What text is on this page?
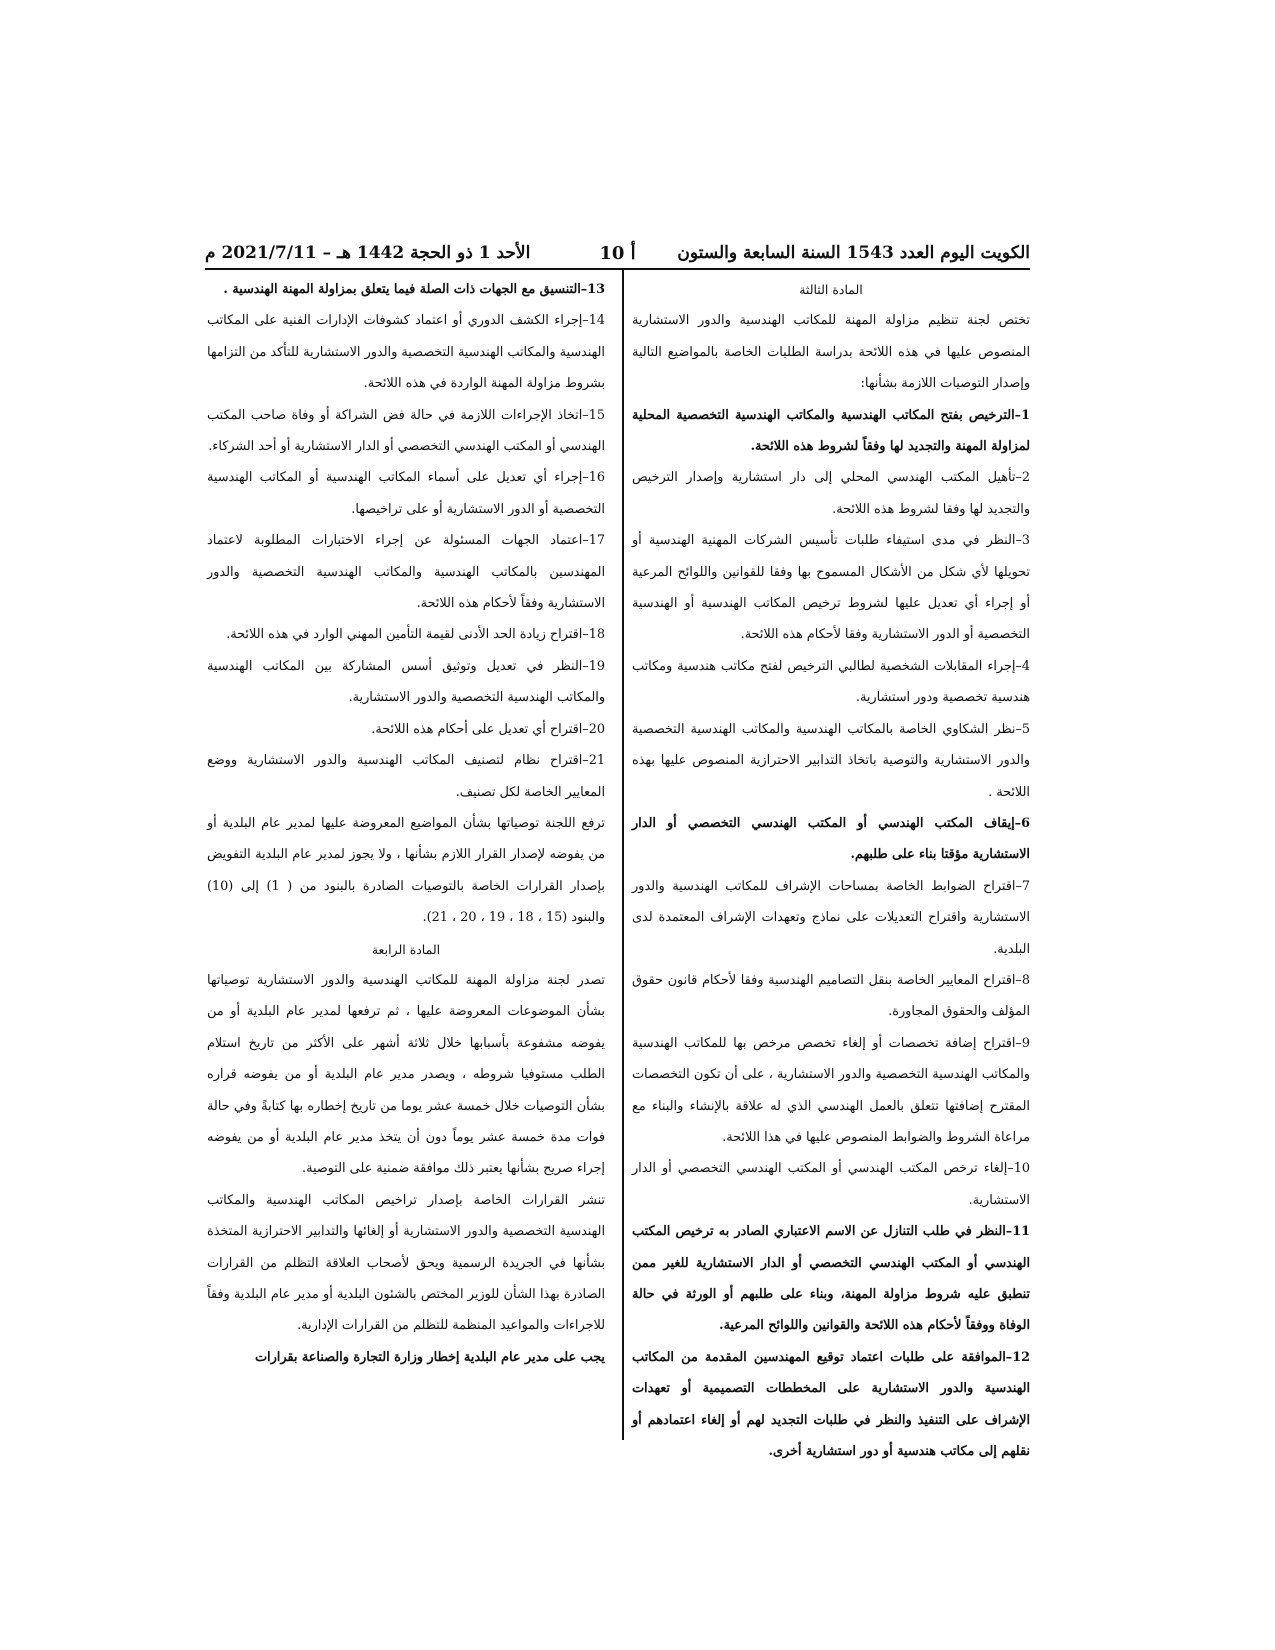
الكويت اليوم العدد 1543 السنة السابعة والستون
أ 10
الأحد 1 ذو الحجة 1442 هـ – 2021/7/11 م

المادة الثالثة

تختص لجنة تنظيم مزاولة المهنة للمكاتب الهندسية والدور الاستشارية المنصوص عليها في هذه اللائحة بدراسة الطلبات الخاصة بالمواضيع التالية وإصدار التوصيات اللازمة بشأنها:

1–الترخيص بفتح المكاتب الهندسية والمكاتب الهندسية التخصصية المحلية لمزاولة المهنة والتجديد لها وفقاً لشروط هذه اللائحة.

2–تأهيل المكتب الهندسي المحلي إلى دار استشارية وإصدار الترخيص والتجديد لها وفقا لشروط هذه اللائحة.

3–النظر في مدى استيفاء طلبات تأسيس الشركات المهنية الهندسية أو تحويلها لأي شكل من الأشكال المسموح بها وفقا للقوانين واللوائح المرعية أو إجراء أي تعديل عليها لشروط ترخيص المكاتب الهندسية أو الهندسية التخصصية أو الدور الاستشارية وفقا لأحكام هذه اللائحة.

4–إجراء المقابلات الشخصية لطالبي الترخيص لفتح مكاتب هندسية ومكاتب هندسية تخصصية ودور استشارية.

5–نظر الشكاوي الخاصة بالمكاتب الهندسية والمكاتب الهندسية التخصصية والدور الاستشارية والتوصية باتخاذ التدابير الاحترازية المنصوص عليها بهذه اللائحة .

6–إيقاف المكتب الهندسي أو المكتب الهندسي التخصصي أو الدار الاستشارية مؤقتا بناء على طلبهم.

7–اقتراح الضوابط الخاصة بمساحات الإشراف للمكاتب الهندسية والدور الاستشارية واقتراح التعديلات على نماذج وتعهدات الإشراف المعتمدة لدى البلدية.

8–اقتراح المعايير الخاصة بنقل التصاميم الهندسية وفقا لأحكام قانون حقوق المؤلف والحقوق المجاورة.

9–اقتراح إضافة تخصصات أو إلغاء تخصص مرخص بها للمكاتب الهندسية والمكاتب الهندسية التخصصية والدور الاستشارية ، على أن تكون التخصصات المقترح إضافتها تتعلق بالعمل الهندسي الذي له علاقة بالإنشاء والبناء مع مراعاة الشروط والضوابط المنصوص عليها في هذا اللائحة.

10–إلغاء ترخص المكتب الهندسي أو المكتب الهندسي التخصصي أو الدار الاستشارية.

11–النظر في طلب التنازل عن الاسم الاعتباري الصادر به ترخيص المكتب الهندسي أو المكتب الهندسي التخصصي أو الدار الاستشارية للغير ممن تنطبق عليه شروط مزاولة المهنة، وبناء على طلبهم أو الورثة في حالة الوفاة ووفقاً لأحكام هذه اللائحة والقوانين واللوائح المرعية.

12–الموافقة على طلبات اعتماد توقيع المهندسين المقدمة من المكاتب الهندسية والدور الاستشارية على المخططات التصميمية أو تعهدات الإشراف على التنفيذ والنظر في طلبات التجديد لهم أو إلغاء اعتمادهم أو نقلهم إلى مكاتب هندسية أو دور استشارية أخرى.

13–التنسيق مع الجهات ذات الصلة فيما يتعلق بمزاولة المهنة الهندسية .

14–إجراء الكشف الدوري أو اعتماد كشوفات الإدارات الفنية على المكاتب الهندسية والمكاتب الهندسية التخصصية والدور الاستشارية للتأكد من التزامها بشروط مزاولة المهنة الواردة في هذه اللائحة.

15–اتخاذ الإجراءات اللازمة في حالة فض الشراكة أو وفاة صاحب المكتب الهندسي أو المكتب الهندسي التخصصي أو الدار الاستشارية أو أحد الشركاء.

16–إجراء أي تعديل على أسماء المكاتب الهندسية أو المكاتب الهندسية التخصصية أو الدور الاستشارية أو على تراخيصها.

17–اعتماد الجهات المسئولة عن إجراء الاختبارات المطلوبة لاعتماد المهندسين بالمكاتب الهندسية والمكاتب الهندسية التخصصية والدور الاستشارية وفقاً لأحكام هذه اللائحة.

18–اقتراح زيادة الحد الأدنى لقيمة التأمين المهني الوارد في هذه اللائحة.

19–النظر في تعديل وتوثيق أسس المشاركة بين المكاتب الهندسية والمكاتب الهندسية التخصصية والدور الاستشارية.

20–اقتراح أي تعديل على أحكام هذه اللائحة.

21–اقتراح نظام لتصنيف المكاتب الهندسية والدور الاستشارية ووضع المعايير الخاصة لكل تصنيف.

ترفع اللجنة توصياتها بشأن المواضيع المعروضة عليها لمدير عام البلدية أو من يفوضه لإصدار القرار اللازم بشأنها ، ولا يجوز لمدير عام البلدية التفويض بإصدار القرارات الخاصة بالتوصيات الصادرة بالبنود من ( 1) إلى (10) والبنود (15 ، 18 ، 19 ، 20 ، 21).

المادة الرابعة

تصدر لجنة مزاولة المهنة للمكاتب الهندسية والدور الاستشارية توصياتها بشأن الموضوعات المعروضة عليها ، ثم ترفعها لمدير عام البلدية أو من يفوضه مشفوعة بأسبابها خلال ثلاثة أشهر على الأكثر من تاريخ استلام الطلب مستوفيا شروطه ، ويصدر مدير عام البلدية أو من يفوضه قراره بشأن التوصيات خلال خمسة عشر يوما من تاريخ إخطاره بها كتابةً وفي حالة فوات مدة خمسة عشر يوماً دون أن يتخذ مدير عام البلدية أو من يفوضه إجراء صريح بشأنها يعتبر ذلك موافقة ضمنية على التوصية.

تنشر القرارات الخاصة بإصدار تراخيص المكاتب الهندسية والمكاتب الهندسية التخصصية والدور الاستشارية أو إلغائها والتدابير الاحترازية المتخذة بشأنها في الجريدة الرسمية ويحق لأصحاب العلاقة التظلم من القرارات الصادرة بهذا الشأن للوزير المختص بالشئون البلدية أو مدير عام البلدية وفقاً للاجراءات والمواعيد المنظمة للتظلم من القرارات الإدارية.

يجب على مدير عام البلدية إخطار وزارة التجارة والصناعة بقرارات
